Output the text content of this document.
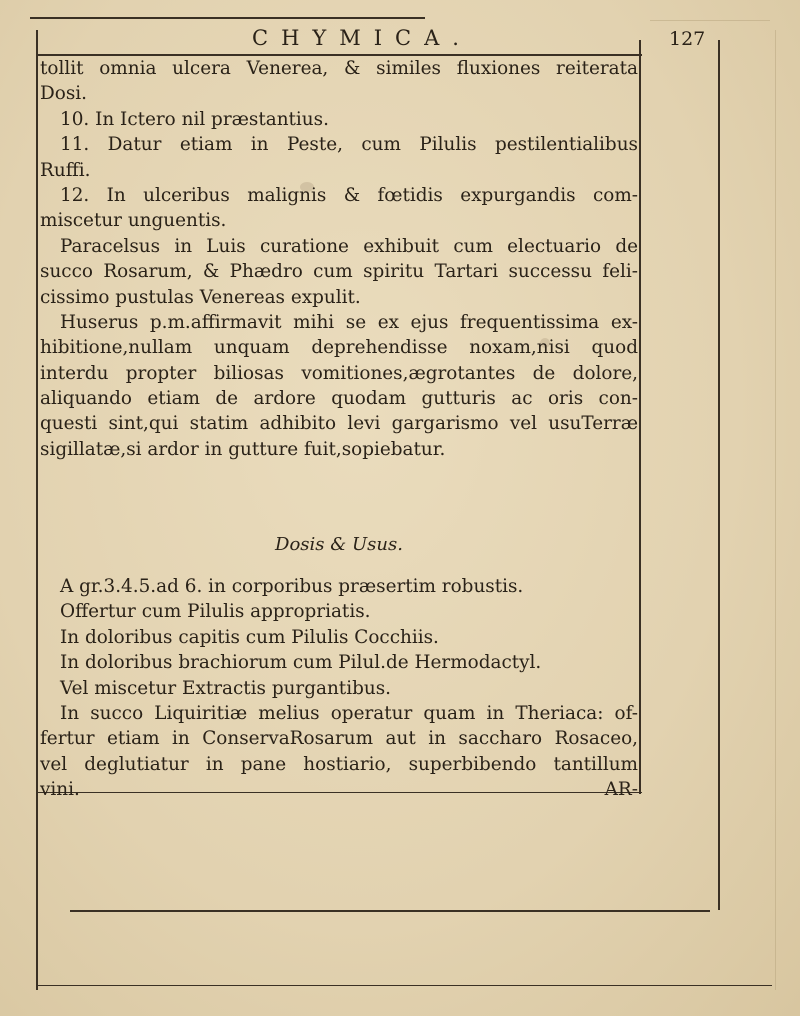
CHYMICA.	127
tollit omnia ulcera Venerea, & similes fluxiones reiterata
Dosi.
10. In Ictero nil præstantius.
11. Datur etiam in Peste, cum Pilulis pestilentialibus
Ruffi.
12. In ulceribus malignis & fœtidis expurgandis com-
miscetur unguentis.
Paracelsus in Luis curatione exhibuit cum electuario de
succo Rosarum, & Phædro cum spiritu Tartari successu feli-
cissimo pustulas Venereas expulit.
Huserus p.m.affirmavit mihi se ex ejus frequentissima ex-
hibitione,nullam unquam deprehendisse noxam,nisi quod
interdu propter biliosas vomitiones,ægrotantes de dolore,
aliquando etiam de ardore quodam gutturis ac oris con-
questi sint,qui statim adhibito levi gargarismo vel usuTerræ
sigillatæ,si ardor in gutture fuit,sopiebatur.
Dosis & Usus.
A gr.3.4.5.ad 6. in corporibus præsertim robustis.
Offertur cum Pilulis appropriatis.
In doloribus capitis cum Pilulis Cocchiis.
In doloribus brachiorum cum Pilul.de Hermodactyl.
Vel miscetur Extractis purgantibus.
In succo Liquiritiæ melius operatur quam in Theriaca: of-
fertur etiam in ConservaRosarum aut in saccharo Rosaceo,
vel deglutiatur in pane hostiario, superbibendo tantillum
vini.	AR-
